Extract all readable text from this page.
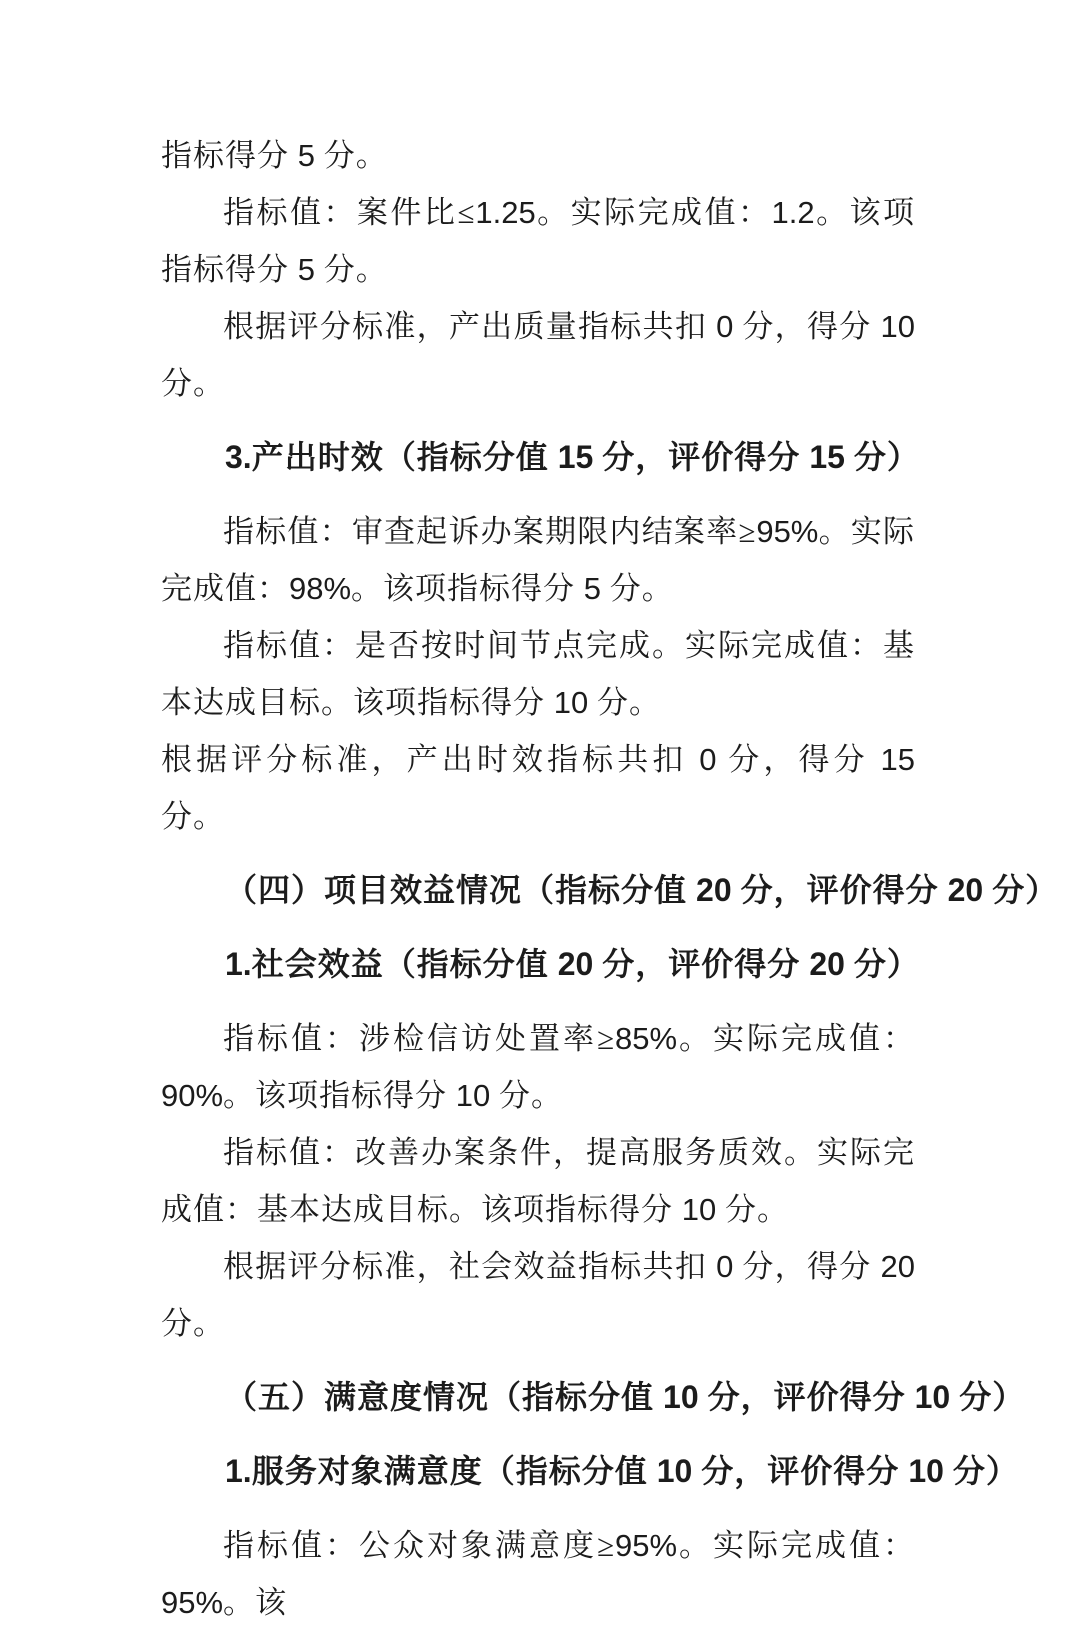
指标得分 5 分。

指标值：案件比≤1.25。实际完成值：1.2。该项指标得分 5 分。

根据评分标准，产出质量指标共扣 0 分，得分 10 分。

3.产出时效（指标分值 15 分，评价得分 15 分）

指标值：审查起诉办案期限内结案率≥95%。实际完成值：98%。该项指标得分 5 分。

指标值：是否按时间节点完成。实际完成值：基本达成目标。该项指标得分 10 分。

根据评分标准，产出时效指标共扣 0 分，得分 15 分。

（四）项目效益情况（指标分值 20 分，评价得分 20 分）
1.社会效益（指标分值 20 分，评价得分 20 分）

指标值：涉检信访处置率≥85%。实际完成值：90%。该项指标得分 10 分。

指标值：改善办案条件，提高服务质效。实际完成值：基本达成目标。该项指标得分 10 分。

根据评分标准，社会效益指标共扣 0 分，得分 20 分。

（五）满意度情况（指标分值 10 分，评价得分 10 分）
1.服务对象满意度（指标分值 10 分，评价得分 10 分）

指标值：公众对象满意度≥95%。实际完成值：95%。该
